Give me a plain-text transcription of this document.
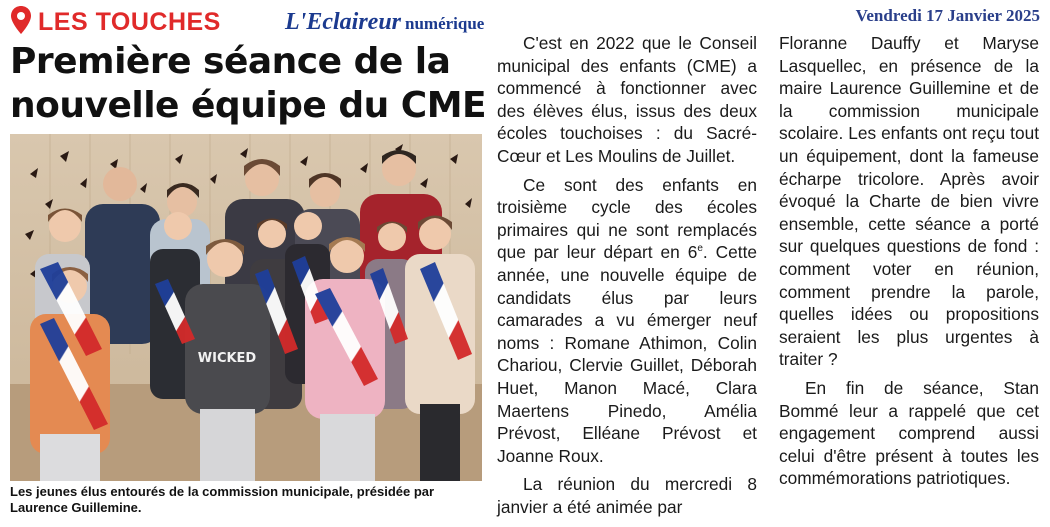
LES TOUCHES	L'Eclaireur numérique	Vendredi 17 Janvier 2025
Première séance de la nouvelle équipe du CME
WICKED
Les jeunes élus entourés de la commission municipale, présidée par Laurence Guillemine.

C'est en 2022 que le Conseil municipal des enfants (CME) a commencé à fonctionner avec des élèves élus, issus des deux écoles touchoises : du Sacré-Cœur et Les Moulins de Juillet.

Ce sont des enfants en troisième cycle des écoles primaires qui ne sont remplacés que par leur départ en 6e. Cette année, une nouvelle équipe de candidats élus par leurs camarades a vu émerger neuf noms : Romane Athimon, Colin Chariou, Clervie Guillet, Déborah Huet, Manon Macé, Clara Maertens Pinedo, Amélia Prévost, Elléane Prévost et Joanne Roux.

La réunion du mercredi 8 janvier a été animée par

Floranne Dauffy et Maryse Lasquellec, en présence de la maire Laurence Guillemine et de la commission municipale scolaire. Les enfants ont reçu tout un équipement, dont la fameuse écharpe tricolore. Après avoir évoqué la Charte de bien vivre ensemble, cette séance a porté sur quelques questions de fond : comment voter en réunion, comment prendre la parole, quelles idées ou propositions seraient les plus urgentes à traiter ?

En fin de séance, Stan Bommé leur a rappelé que cet engagement comprend aussi celui d'être présent à toutes les commémorations patriotiques.
